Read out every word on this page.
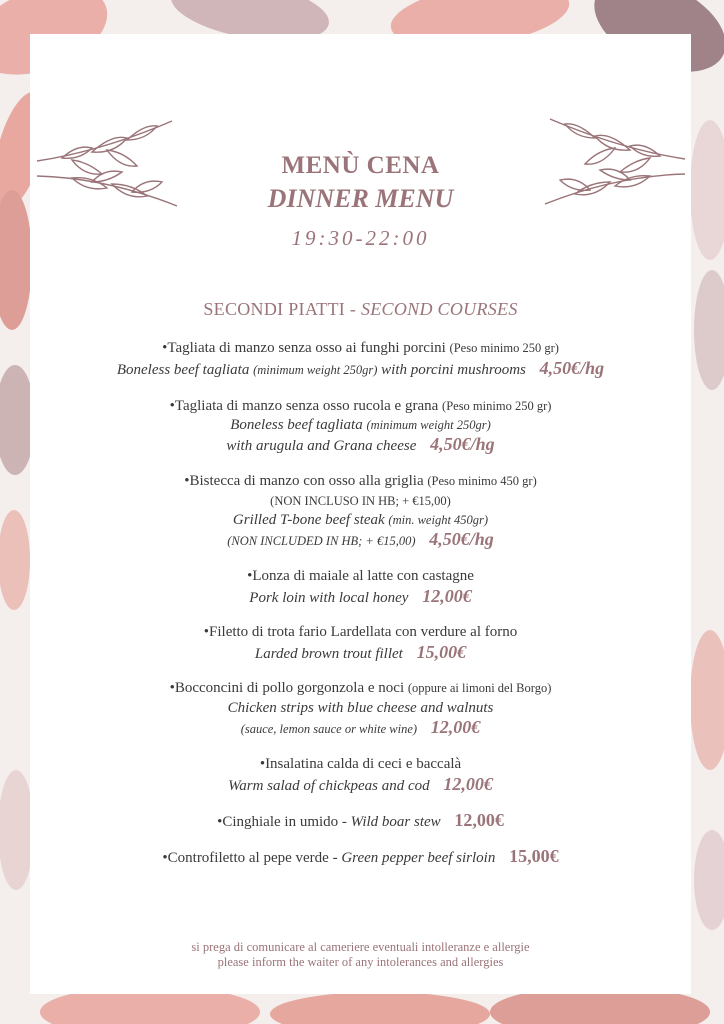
MENÙ CENA
DINNER MENU
19:30-22:00
SECONDI PIATTI - SECOND COURSES
•Tagliata di manzo senza osso ai funghi porcini (Peso minimo 250 gr)
Boneless beef tagliata (minimum weight 250gr) with porcini mushrooms 4,50€/hg
•Tagliata di manzo senza osso rucola e grana (Peso minimo 250 gr)
Boneless beef tagliata (minimum weight 250gr)
with arugula and Grana cheese 4,50€/hg
•Bistecca di manzo con osso alla griglia (Peso minimo 450 gr)
(NON INCLUSO IN HB; + €15,00)
Grilled T-bone beef steak (min. weight 450gr)
(NON INCLUDED IN HB; + €15,00) 4,50€/hg
•Lonza di maiale al latte con castagne
Pork loin with local honey 12,00€
•Filetto di trota fario Lardellata con verdure al forno
Larded brown trout fillet 15,00€
•Bocconcini di pollo gorgonzola e noci (oppure ai limoni del Borgo)
Chicken strips with blue cheese and walnuts
(sauce, lemon sauce or white wine) 12,00€
•Insalatina calda di ceci e baccalà
Warm salad of chickpeas and cod 12,00€
•Cinghiale in umido - Wild boar stew 12,00€
•Controfiletto al pepe verde - Green pepper beef sirloin 15,00€
si prega di comunicare al cameriere eventuali intolleranze e allergie
please inform the waiter of any intolerances and allergies
